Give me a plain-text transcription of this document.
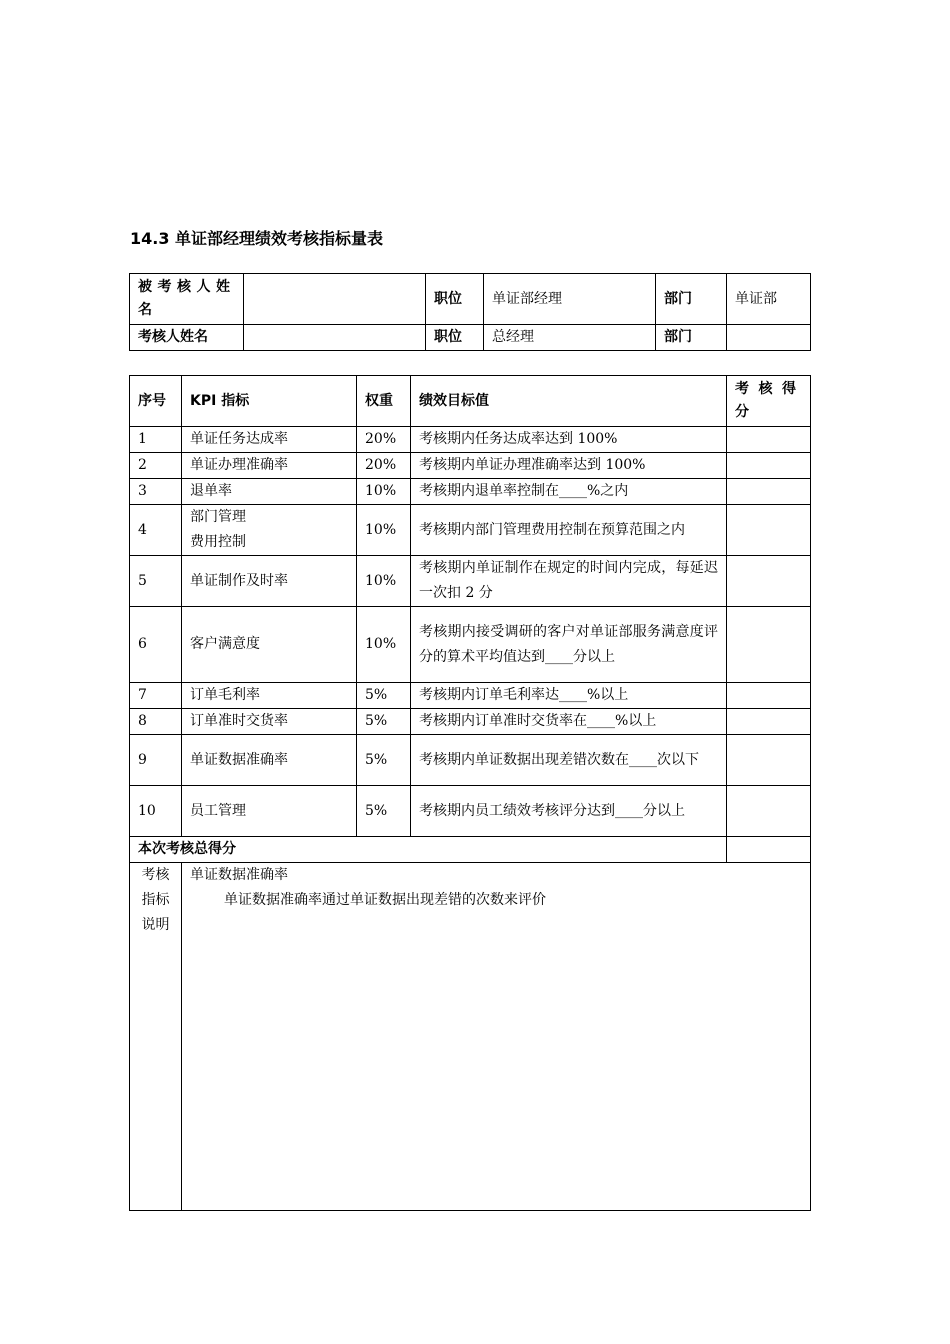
14.3 单证部经理绩效考核指标量表
被考核人姓名		职位	单证部经理	部门	单证部
考核人姓名		职位	总经理	部门	
序号	KPI 指标	权重	绩效目标值	考核得分
1	单证任务达成率	20%	考核期内任务达成率达到 100%	
2	单证办理准确率	20%	考核期内单证办理准确率达到 100%	
3	退单率	10%	考核期内退单率控制在____%之内	
4	部门管理
费用控制	10%	考核期内部门管理费用控制在预算范围之内	
5	单证制作及时率	10%	考核期内单证制作在规定的时间内完成，每延迟一次扣 2 分	
6	客户满意度	10%	考核期内接受调研的客户对单证部服务满意度评分的算术平均值达到____分以上	
7	订单毛利率	5%	考核期内订单毛利率达____%以上	
8	订单准时交货率	5%	考核期内订单准时交货率在____%以上	
9	单证数据准确率	5%	考核期内单证数据出现差错次数在____次以下	
10	员工管理	5%	考核期内员工绩效考核评分达到____分以上	
本次考核总得分				
考核
指标
说明	单证数据准确率
单证数据准确率通过单证数据出现差错的次数来评价			
